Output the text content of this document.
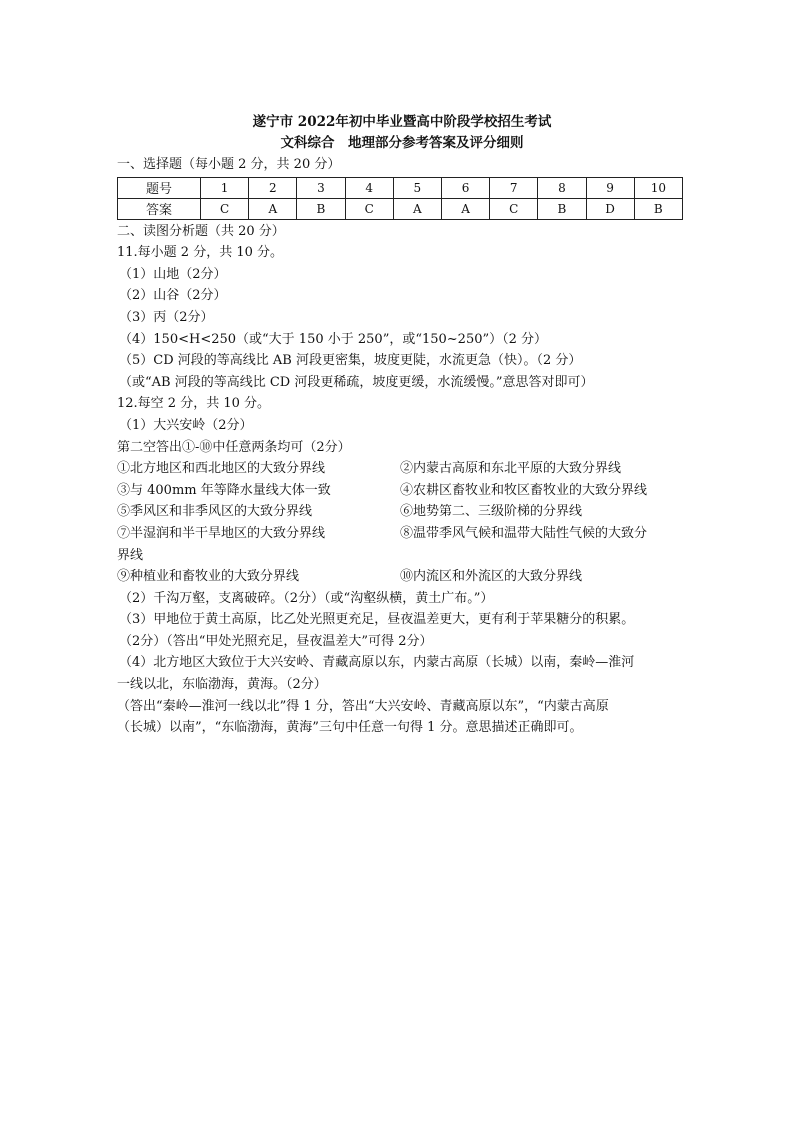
遂宁市 2022年初中毕业暨高中阶段学校招生考试
文科综合　地理部分参考答案及评分细则
一、选择题（每小题 2 分，共 20 分）
题号	1	2	3	4	5	6	7	8	9	10
答案	C	A	B	C	A	A	C	B	D	B
二、读图分析题（共 20 分）
11.每小题 2 分，共 10 分。
（1）山地（2分）
（2）山谷（2分）
（3）丙（2分）
（4）150<H<250（或“大于 150 小于 250”，或“150~250”）（2 分）
（5）CD 河段的等高线比 AB 河段更密集，坡度更陡，水流更急（快）。（2 分）
（或“AB 河段的等高线比 CD 河段更稀疏，坡度更缓，水流缓慢。”意思答对即可）
12.每空 2 分，共 10 分。
（1）大兴安岭（2分）
第二空答出①-⑩中任意两条均可（2分）
①北方地区和西北地区的大致分界线	②内蒙古高原和东北平原的大致分界线
③与 400mm 年等降水量线大体一致	④农耕区畜牧业和牧区畜牧业的大致分界线
⑤季风区和非季风区的大致分界线	⑥地势第二、三级阶梯的分界线
⑦半湿润和半干旱地区的大致分界线	⑧温带季风气候和温带大陆性气候的大致分
界线
⑨种植业和畜牧业的大致分界线	⑩内流区和外流区的大致分界线
（2）千沟万壑，支离破碎。（2分）（或“沟壑纵横，黄土广布。”）
（3）甲地位于黄土高原，比乙处光照更充足，昼夜温差更大，更有利于苹果糖分的积累。
（2分）（答出“甲处光照充足，昼夜温差大”可得 2分）
（4）北方地区大致位于大兴安岭、青藏高原以东，内蒙古高原（长城）以南，秦岭—淮河
一线以北，东临渤海，黄海。（2分）
（答出“秦岭—淮河一线以北”得 1 分，答出“大兴安岭、青藏高原以东”，“内蒙古高原
（长城）以南”，“东临渤海，黄海”三句中任意一句得 1 分。意思描述正确即可。
